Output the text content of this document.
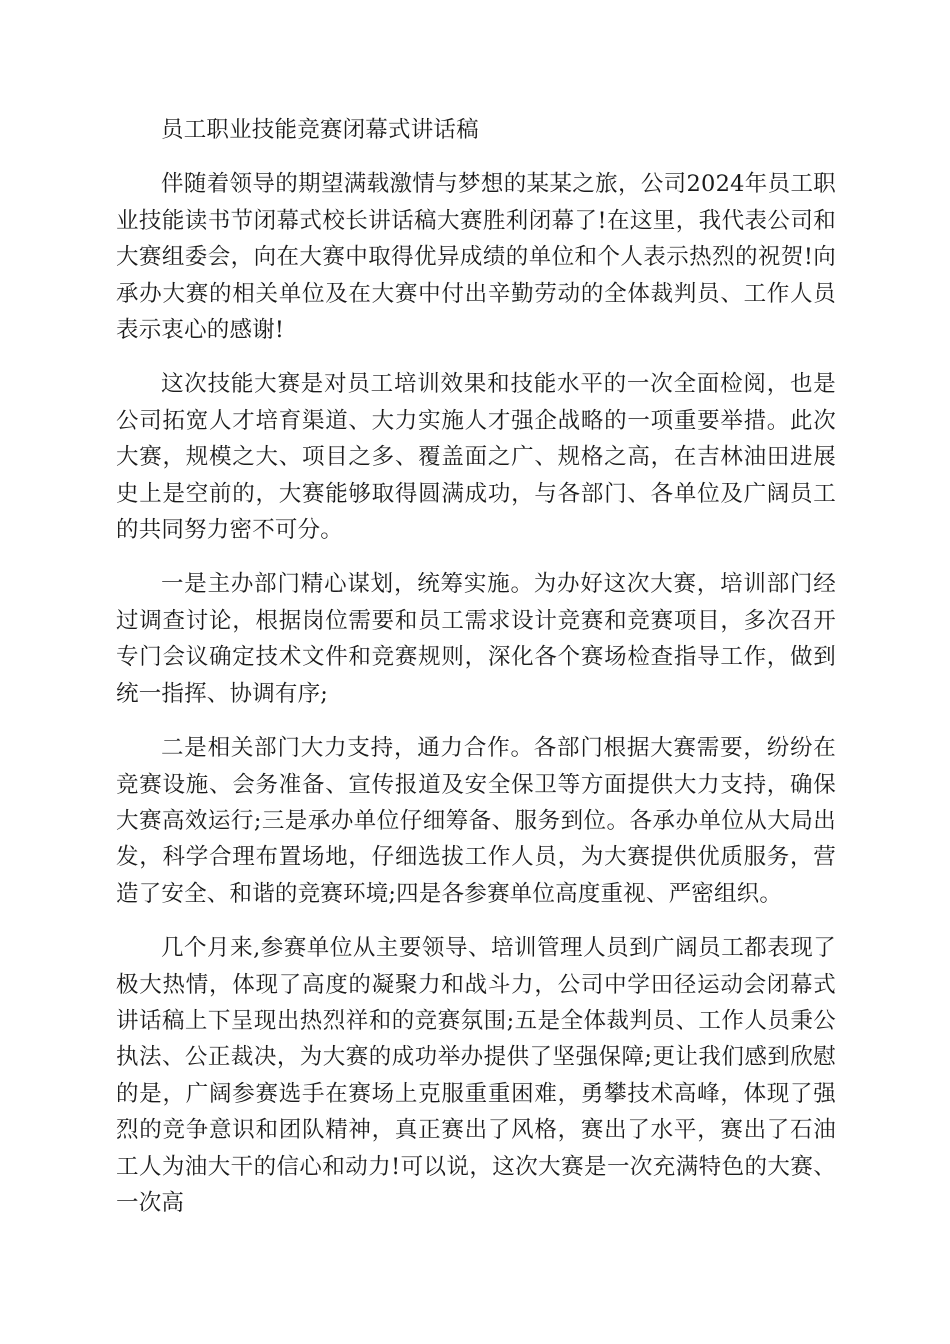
员工职业技能竞赛闭幕式讲话稿

伴随着领导的期望满载激情与梦想的某某之旅，公司2024年员工职业技能读书节闭幕式校长讲话稿大赛胜利闭幕了!在这里，我代表公司和大赛组委会，向在大赛中取得优异成绩的单位和个人表示热烈的祝贺!向承办大赛的相关单位及在大赛中付出辛勤劳动的全体裁判员、工作人员表示衷心的感谢!

这次技能大赛是对员工培训效果和技能水平的一次全面检阅，也是公司拓宽人才培育渠道、大力实施人才强企战略的一项重要举措。此次大赛，规模之大、项目之多、覆盖面之广、规格之高，在吉林油田进展史上是空前的，大赛能够取得圆满成功，与各部门、各单位及广阔员工的共同努力密不可分。

一是主办部门精心谋划，统筹实施。为办好这次大赛，培训部门经过调查讨论，根据岗位需要和员工需求设计竞赛和竞赛项目，多次召开专门会议确定技术文件和竞赛规则，深化各个赛场检查指导工作，做到统一指挥、协调有序;

二是相关部门大力支持，通力合作。各部门根据大赛需要，纷纷在竞赛设施、会务准备、宣传报道及安全保卫等方面提供大力支持，确保大赛高效运行;三是承办单位仔细筹备、服务到位。各承办单位从大局出发，科学合理布置场地，仔细选拔工作人员，为大赛提供优质服务，营造了安全、和谐的竞赛环境;四是各参赛单位高度重视、严密组织。

几个月来,参赛单位从主要领导、培训管理人员到广阔员工都表现了极大热情，体现了高度的凝聚力和战斗力，公司中学田径运动会闭幕式讲话稿上下呈现出热烈祥和的竞赛氛围;五是全体裁判员、工作人员秉公执法、公正裁决，为大赛的成功举办提供了坚强保障;更让我们感到欣慰的是，广阔参赛选手在赛场上克服重重困难，勇攀技术高峰，体现了强烈的竞争意识和团队精神，真正赛出了风格，赛出了水平，赛出了石油工人为油大干的信心和动力!可以说，这次大赛是一次充满特色的大赛、一次高
